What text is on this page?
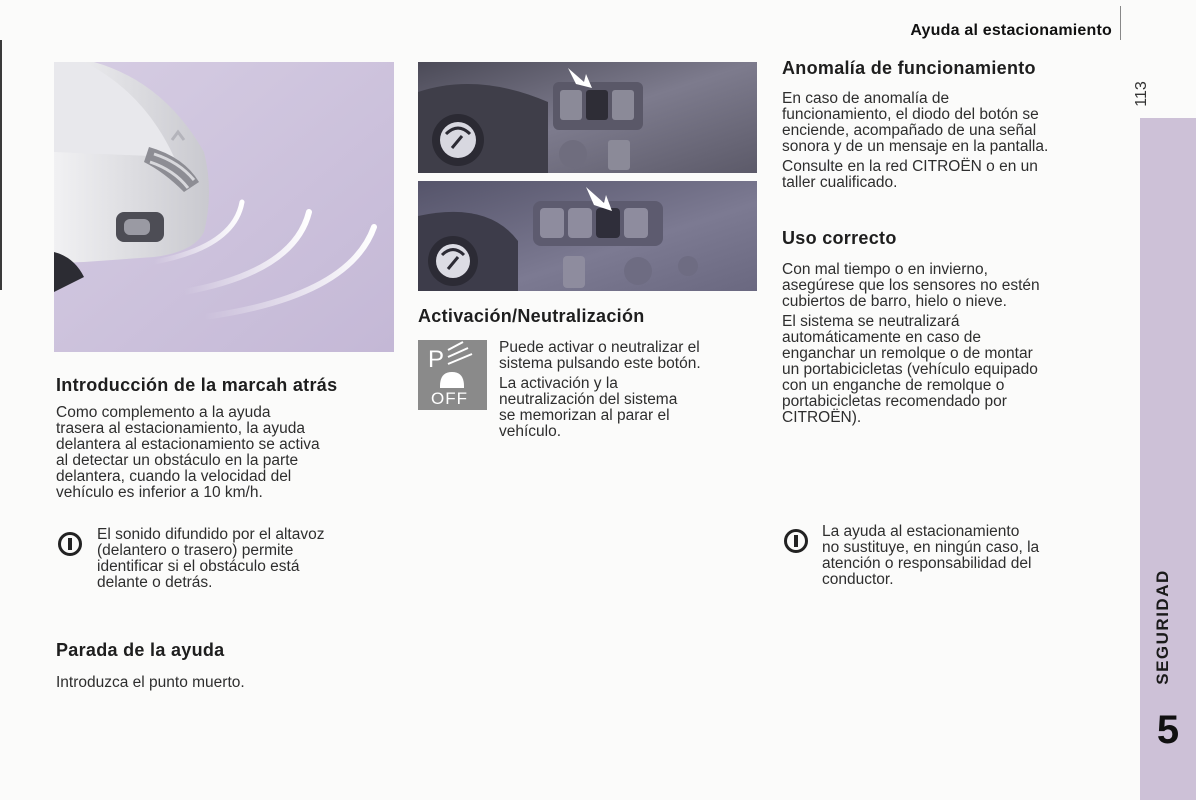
Ayuda al estacionamiento
113
SEGURIDAD
5
Introducción de la marcah atrás
Como complemento a la ayuda
trasera al estacionamiento, la ayuda
delantera al estacionamiento se activa
al detectar un obstáculo en la parte
delantera, cuando la velocidad del
vehículo es inferior a 10 km/h.
El sonido difundido por el altavoz
(delantero o trasero) permite
identificar si el obstáculo está
delante o detrás.
Parada de la ayuda
Introduzca el punto muerto.
Activación/Neutralización
P
OFF
Puede activar o neutralizar el
sistema pulsando este botón.
La activación y la
neutralización del sistema
se memorizan al parar el
vehículo.
Anomalía de funcionamiento
En caso de anomalía de
funcionamiento, el diodo del botón se
enciende, acompañado de una señal
sonora y de un mensaje en la pantalla.
Consulte en la red CITROËN o en un
taller cualificado.
Uso correcto
Con mal tiempo o en invierno,
asegúrese que los sensores no estén
cubiertos de barro, hielo o nieve.
El sistema se neutralizará
automáticamente en caso de
enganchar un remolque o de montar
un portabicicletas (vehículo equipado
con un enganche de remolque o
portabicicletas recomendado por
CITROËN).
La ayuda al estacionamiento
no sustituye, en ningún caso, la
atención o responsabilidad del
conductor.
